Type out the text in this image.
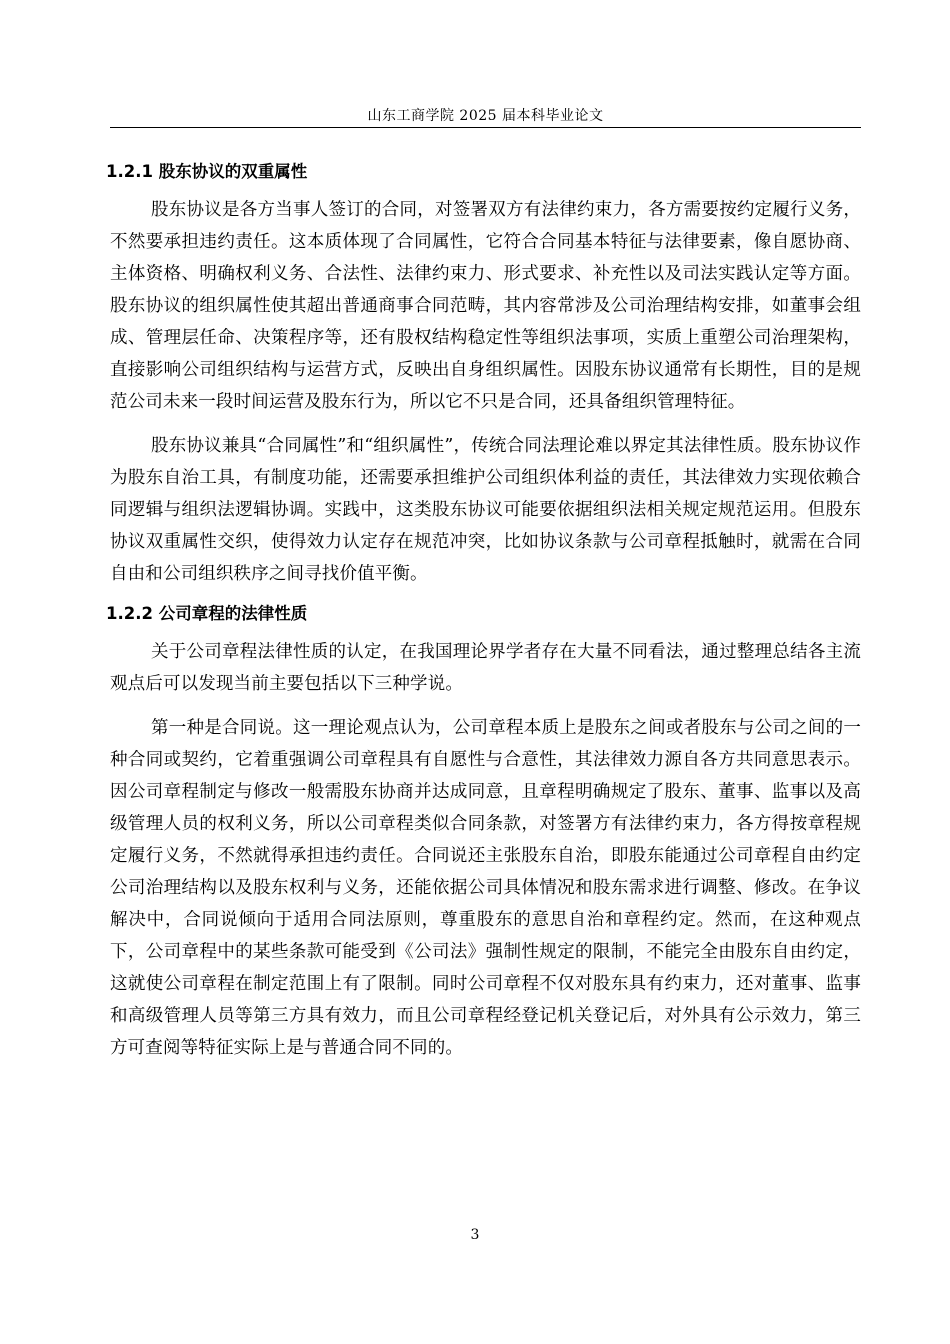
山东工商学院 2025 届本科毕业论文
1.2.1 股东协议的双重属性

股东协议是各方当事人签订的合同，对签署双方有法律约束力，各方需要按约定履行义务，不然要承担违约责任。这本质体现了合同属性，它符合合同基本特征与法律要素，像自愿协商、主体资格、明确权利义务、合法性、法律约束力、形式要求、补充性以及司法实践认定等方面。股东协议的组织属性使其超出普通商事合同范畴，其内容常涉及公司治理结构安排，如董事会组成、管理层任命、决策程序等，还有股权结构稳定性等组织法事项，实质上重塑公司治理架构，直接影响公司组织结构与运营方式，反映出自身组织属性。因股东协议通常有长期性，目的是规范公司未来一段时间运营及股东行为，所以它不只是合同，还具备组织管理特征。

股东协议兼具“合同属性”和“组织属性”，传统合同法理论难以界定其法律性质。股东协议作为股东自治工具，有制度功能，还需要承担维护公司组织体利益的责任，其法律效力实现依赖合同逻辑与组织法逻辑协调。实践中，这类股东协议可能要依据组织法相关规定规范运用。但股东协议双重属性交织，使得效力认定存在规范冲突，比如协议条款与公司章程抵触时，就需在合同自由和公司组织秩序之间寻找价值平衡。

1.2.2 公司章程的法律性质

关于公司章程法律性质的认定，在我国理论界学者存在大量不同看法，通过整理总结各主流观点后可以发现当前主要包括以下三种学说。

第一种是合同说。这一理论观点认为，公司章程本质上是股东之间或者股东与公司之间的一种合同或契约，它着重强调公司章程具有自愿性与合意性，其法律效力源自各方共同意思表示。因公司章程制定与修改一般需股东协商并达成同意，且章程明确规定了股东、董事、监事以及高级管理人员的权利义务，所以公司章程类似合同条款，对签署方有法律约束力，各方得按章程规定履行义务，不然就得承担违约责任。合同说还主张股东自治，即股东能通过公司章程自由约定公司治理结构以及股东权利与义务，还能依据公司具体情况和股东需求进行调整、修改。在争议解决中，合同说倾向于适用合同法原则，尊重股东的意思自治和章程约定。然而，在这种观点下，公司章程中的某些条款可能受到《公司法》强制性规定的限制，不能完全由股东自由约定，这就使公司章程在制定范围上有了限制。同时公司章程不仅对股东具有约束力，还对董事、监事和高级管理人员等第三方具有效力，而且公司章程经登记机关登记后，对外具有公示效力，第三方可查阅等特征实际上是与普通合同不同的。

3
